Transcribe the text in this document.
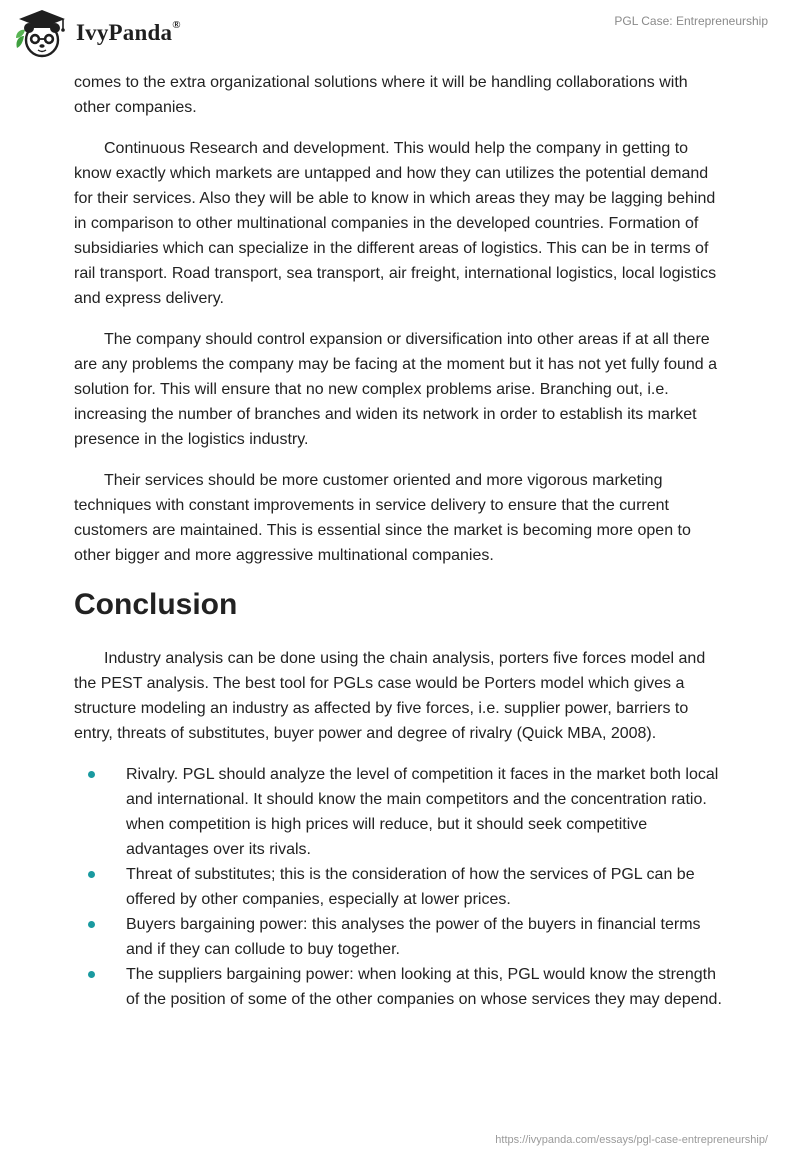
IvyPanda®	PGL Case: Entrepreneurship

comes to the extra organizational solutions where it will be handling collaborations with other companies.

Continuous Research and development. This would help the company in getting to know exactly which markets are untapped and how they can utilizes the potential demand for their services. Also they will be able to know in which areas they may be lagging behind in comparison to other multinational companies in the developed countries. Formation of subsidiaries which can specialize in the different areas of logistics. This can be in terms of rail transport. Road transport, sea transport, air freight, international logistics, local logistics and express delivery.

The company should control expansion or diversification into other areas if at all there are any problems the company may be facing at the moment but it has not yet fully found a solution for. This will ensure that no new complex problems arise. Branching out, i.e. increasing the number of branches and widen its network in order to establish its market presence in the logistics industry.

Their services should be more customer oriented and more vigorous marketing techniques with constant improvements in service delivery to ensure that the current customers are maintained. This is essential since the market is becoming more open to other bigger and more aggressive multinational companies.

Conclusion

Industry analysis can be done using the chain analysis, porters five forces model and the PEST analysis. The best tool for PGLs case would be Porters model which gives a structure modeling an industry as affected by five forces, i.e. supplier power, barriers to entry, threats of substitutes, buyer power and degree of rivalry (Quick MBA, 2008).

Rivalry. PGL should analyze the level of competition it faces in the market both local and international. It should know the main competitors and the concentration ratio. when competition is high prices will reduce, but it should seek competitive advantages over its rivals.
Threat of substitutes; this is the consideration of how the services of PGL can be offered by other companies, especially at lower prices.
Buyers bargaining power: this analyses the power of the buyers in financial terms and if they can collude to buy together.
The suppliers bargaining power: when looking at this, PGL would know the strength of the position of some of the other companies on whose services they may depend.
https://ivypanda.com/essays/pgl-case-entrepreneurship/
